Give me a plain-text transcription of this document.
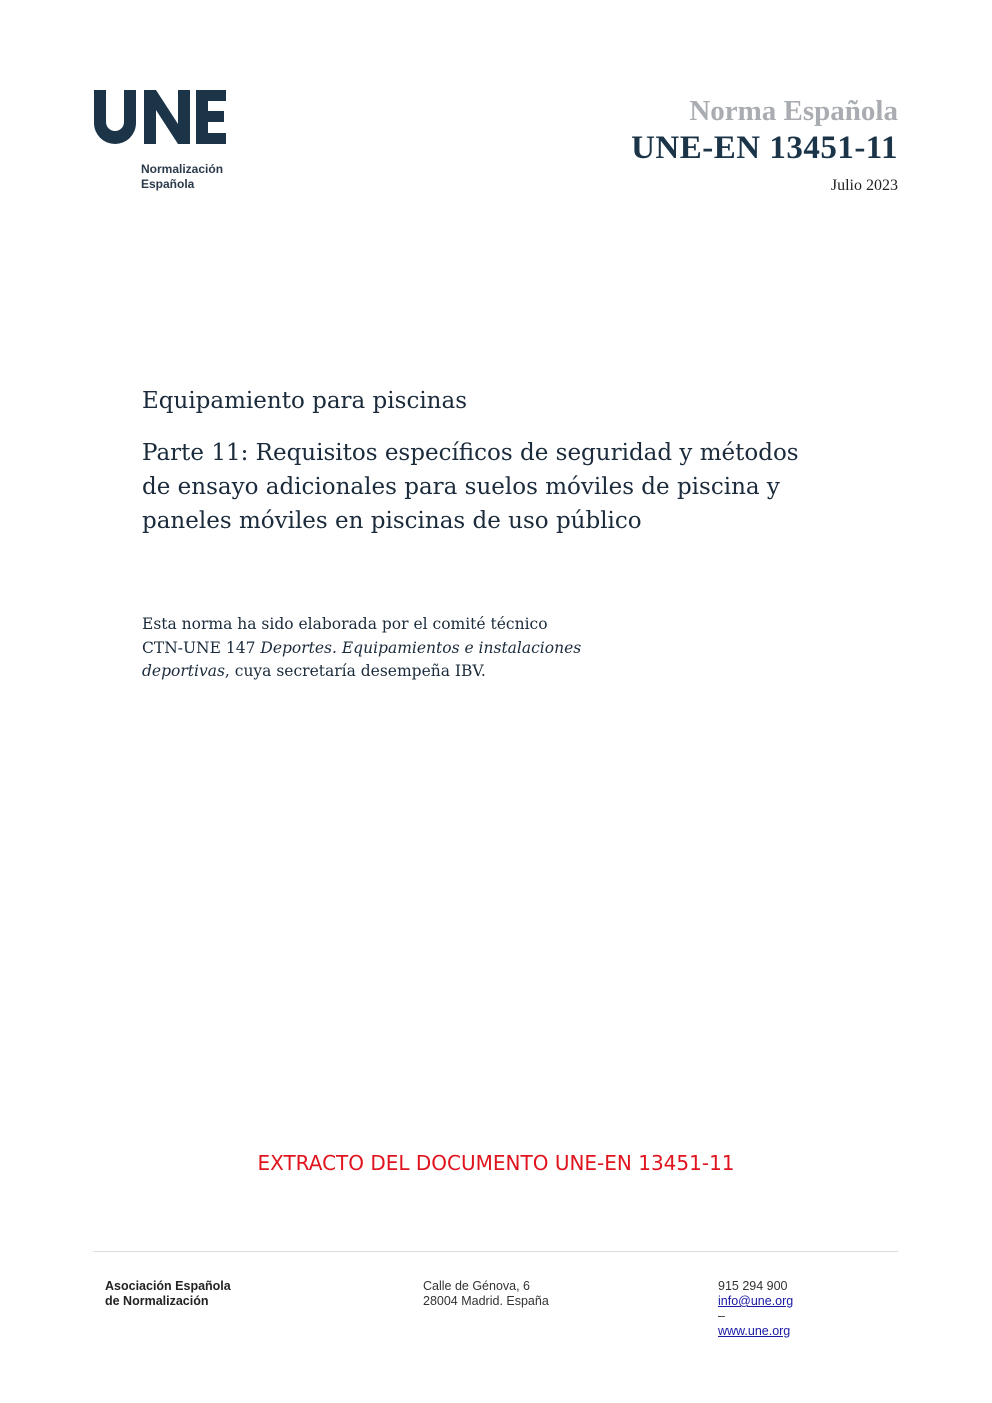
Normalización
Española
Norma Española
UNE-EN 13451-11
Julio 2023
Equipamiento para piscinas
Parte 11: Requisitos específicos de seguridad y métodos
de ensayo adicionales para suelos móviles de piscina y
paneles móviles en piscinas de uso público
Esta norma ha sido elaborada por el comité técnico
CTN-UNE 147 Deportes. Equipamientos e instalaciones
deportivas, cuya secretaría desempeña IBV.
EXTRACTO DEL DOCUMENTO UNE-EN 13451-11
Asociación Española
de Normalización
Calle de Génova, 6
28004 Madrid. España
915 294 900
info@une.org
–
www.une.org
